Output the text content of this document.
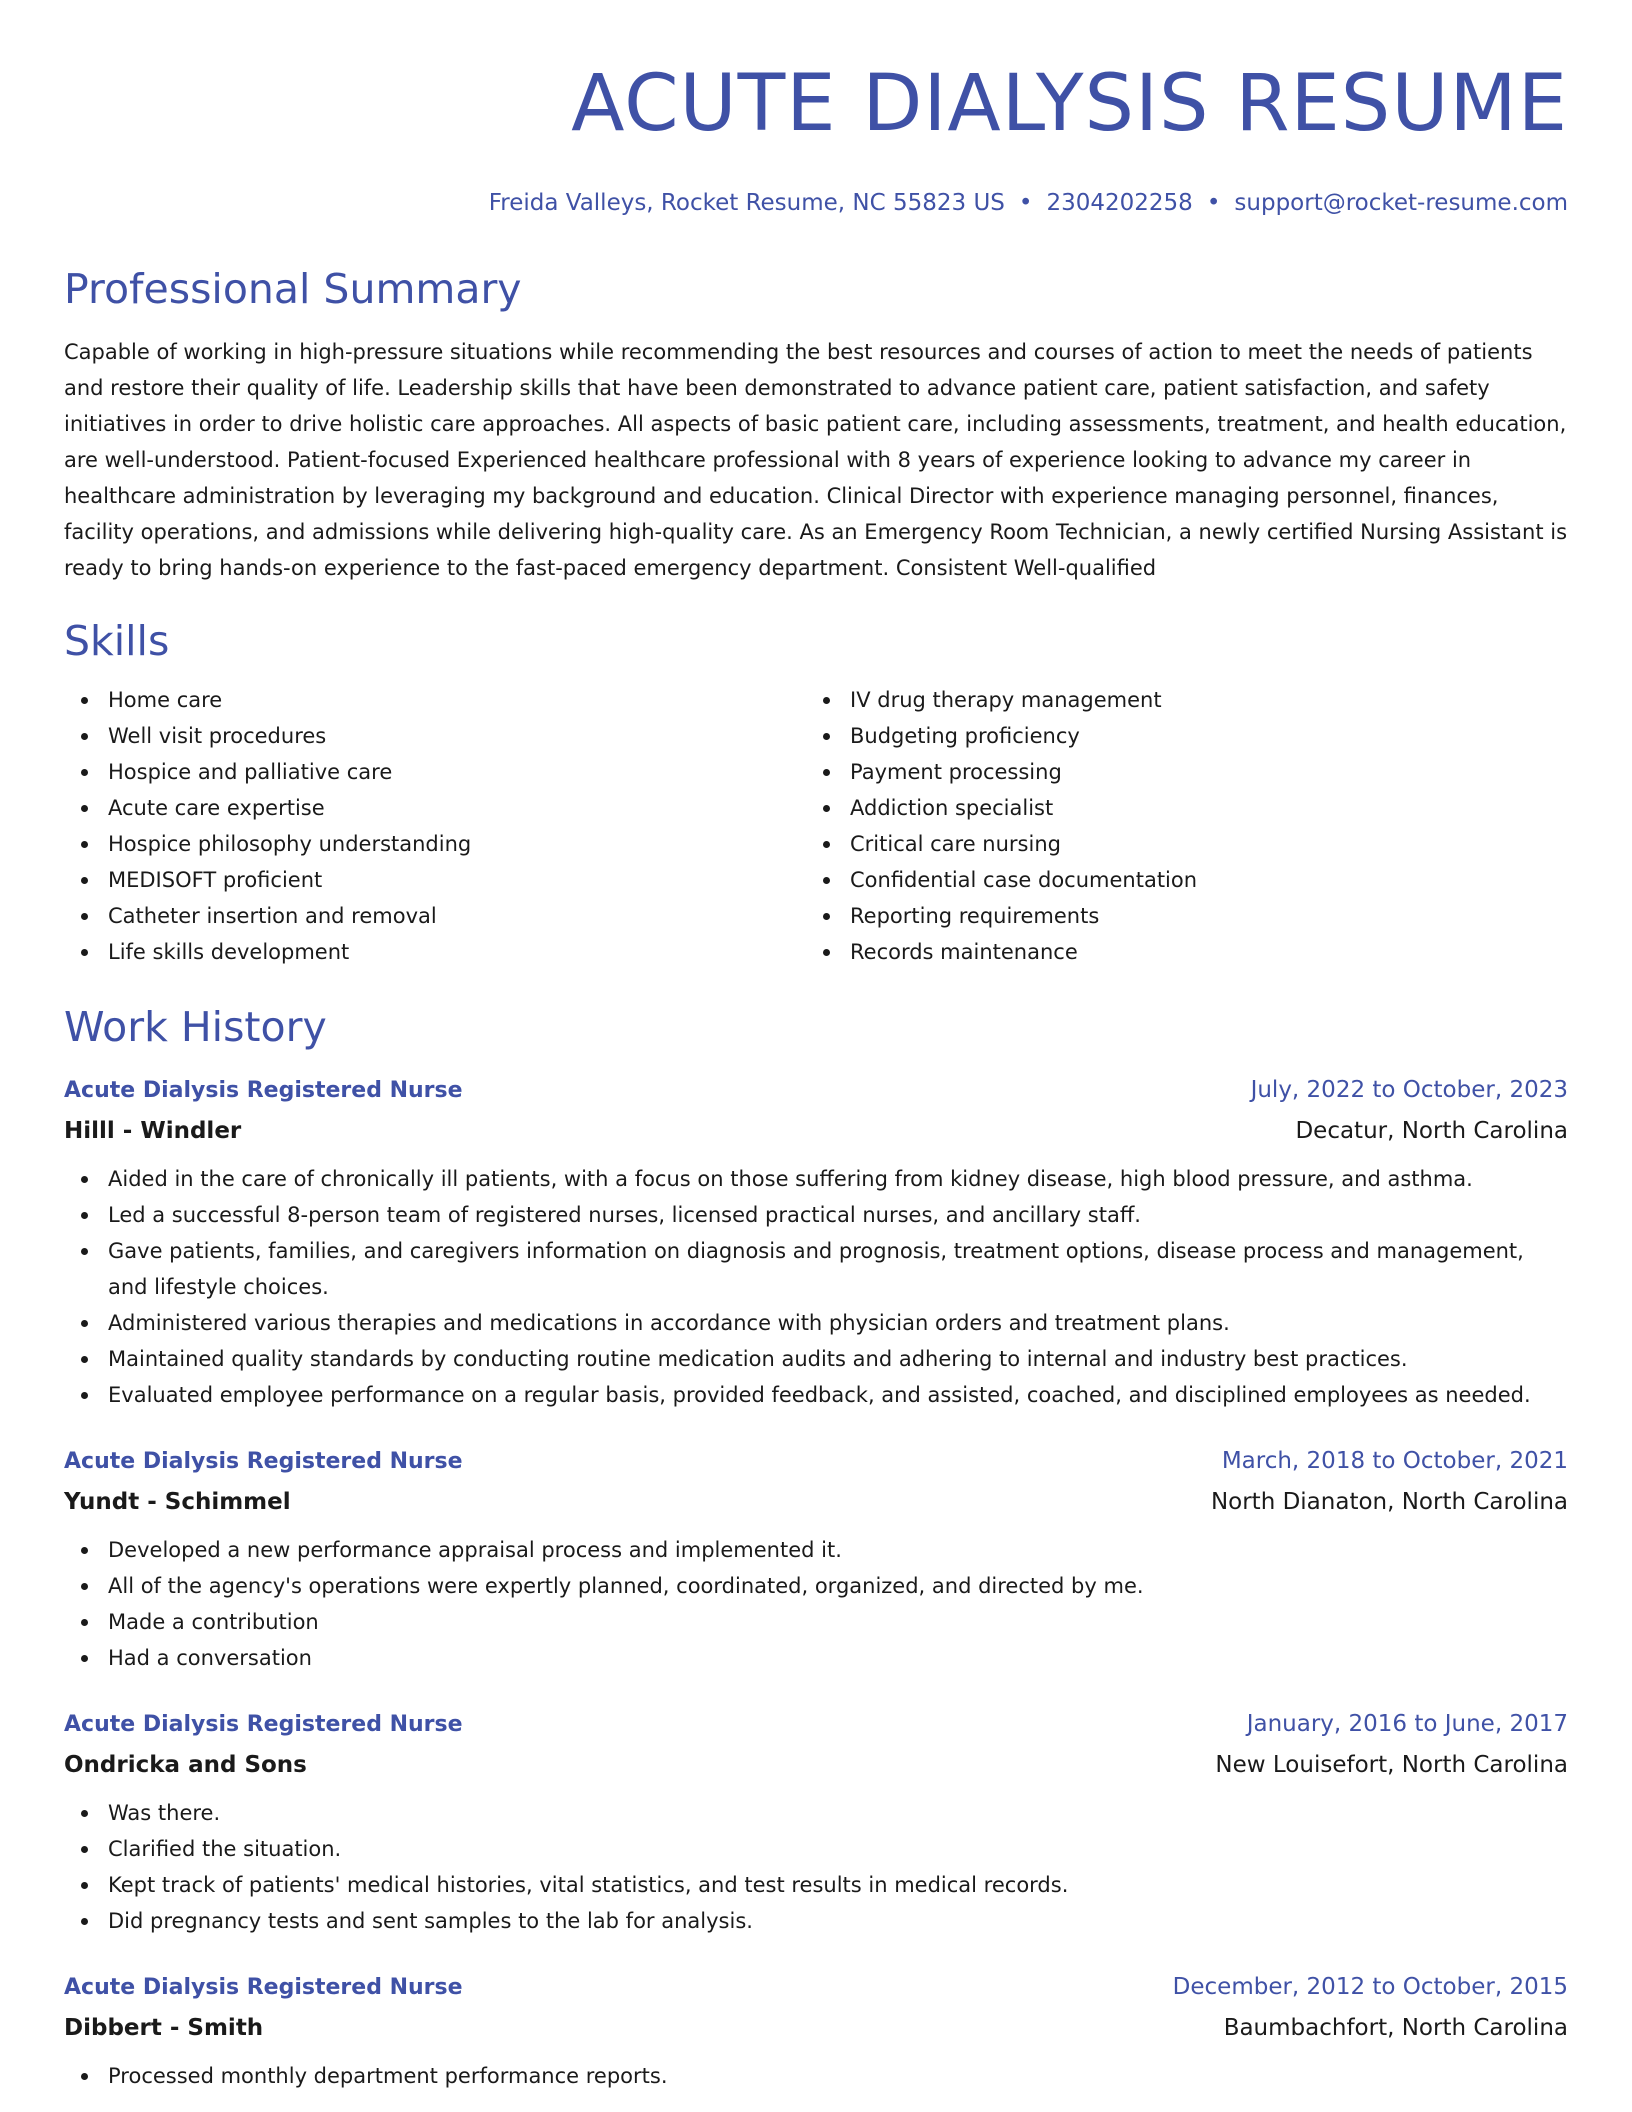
ACUTE DIALYSIS RESUME
Freida Valleys, Rocket Resume, NC 55823 US • 2304202258 • support@rocket-resume.com
Professional Summary

Capable of working in high-pressure situations while recommending the best resources and courses of action to meet the needs of patients and restore their quality of life. Leadership skills that have been demonstrated to advance patient care, patient satisfaction, and safety initiatives in order to drive holistic care approaches. All aspects of basic patient care, including assessments, treatment, and health education, are well-understood. Patient-focused Experienced healthcare professional with 8 years of experience looking to advance my career in healthcare administration by leveraging my background and education. Clinical Director with experience managing personnel, finances, facility operations, and admissions while delivering high-quality care. As an Emergency Room Technician, a newly certified Nursing Assistant is ready to bring hands-on experience to the fast-paced emergency department. Consistent Well-qualified

Skills
Home care
Well visit procedures
Hospice and palliative care
Acute care expertise
Hospice philosophy understanding
MEDISOFT proficient
Catheter insertion and removal
Life skills development
IV drug therapy management
Budgeting proficiency
Payment processing
Addiction specialist
Critical care nursing
Confidential case documentation
Reporting requirements
Records maintenance
Work History
Acute Dialysis Registered Nurse	July, 2022 to October, 2023
Hilll - Windler	Decatur, North Carolina
Aided in the care of chronically ill patients, with a focus on those suffering from kidney disease, high blood pressure, and asthma.
Led a successful 8-person team of registered nurses, licensed practical nurses, and ancillary staff.
Gave patients, families, and caregivers information on diagnosis and prognosis, treatment options, disease process and management, and lifestyle choices.
Administered various therapies and medications in accordance with physician orders and treatment plans.
Maintained quality standards by conducting routine medication audits and adhering to internal and industry best practices.
Evaluated employee performance on a regular basis, provided feedback, and assisted, coached, and disciplined employees as needed.
Acute Dialysis Registered Nurse	March, 2018 to October, 2021
Yundt - Schimmel	North Dianaton, North Carolina
Developed a new performance appraisal process and implemented it.
All of the agency's operations were expertly planned, coordinated, organized, and directed by me.
Made a contribution
Had a conversation
Acute Dialysis Registered Nurse	January, 2016 to June, 2017
Ondricka and Sons	New Louisefort, North Carolina
Was there.
Clarified the situation.
Kept track of patients' medical histories, vital statistics, and test results in medical records.
Did pregnancy tests and sent samples to the lab for analysis.
Acute Dialysis Registered Nurse	December, 2012 to October, 2015
Dibbert - Smith	Baumbachfort, North Carolina
Processed monthly department performance reports.
